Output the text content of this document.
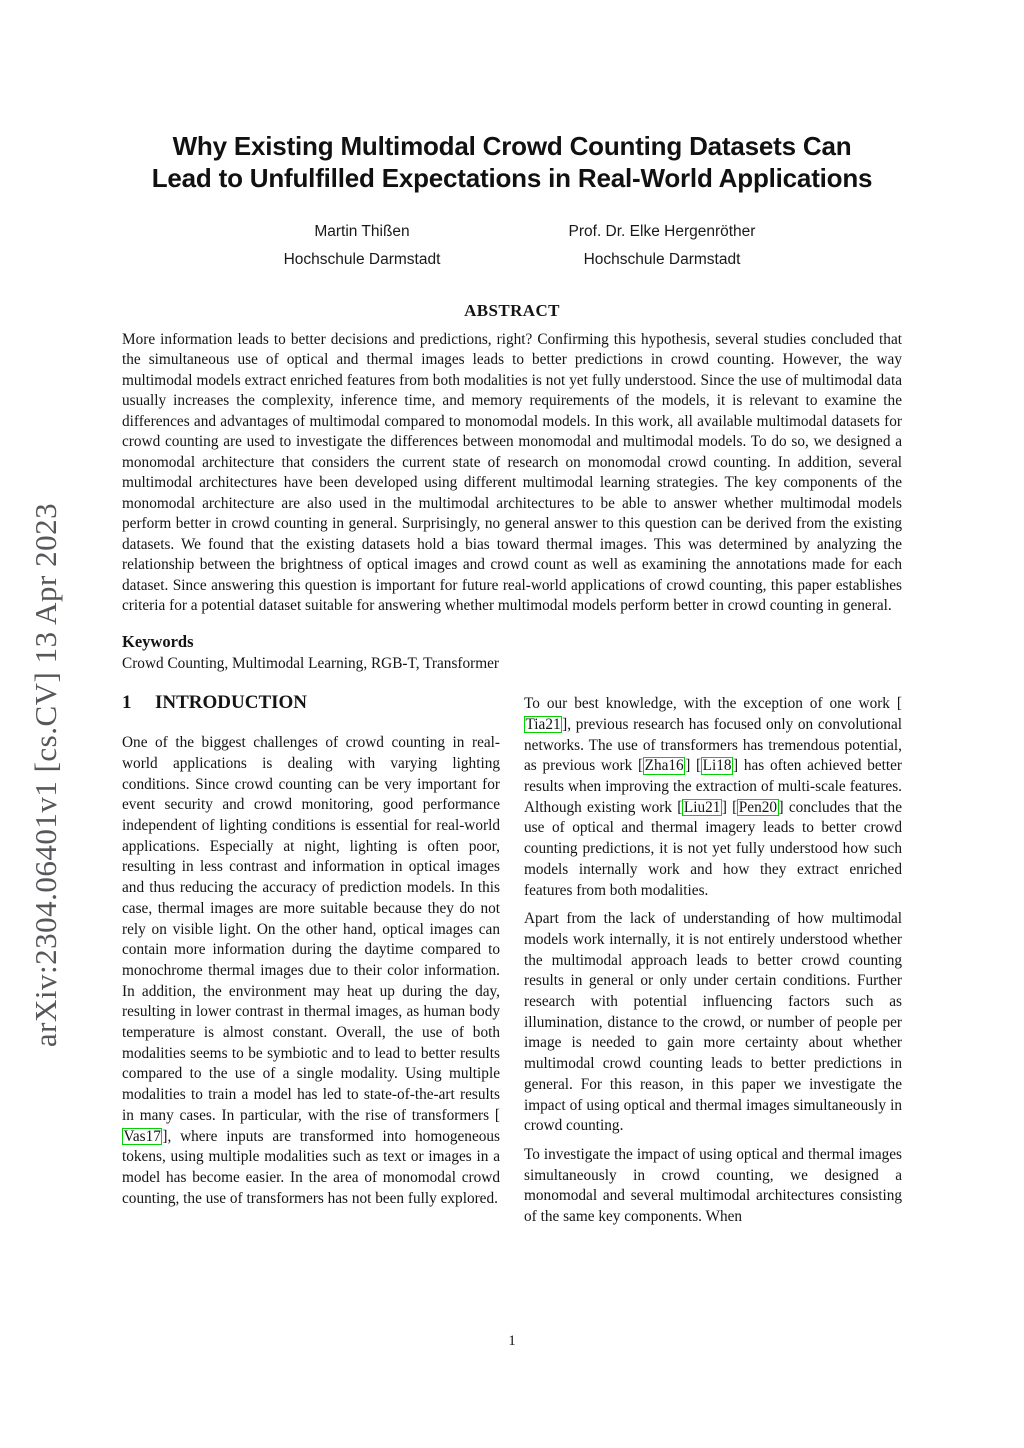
arXiv:2304.06401v1 [cs.CV] 13 Apr 2023
Why Existing Multimodal Crowd Counting Datasets Can
Lead to Unfulfilled Expectations in Real-World Applications
Martin Thißen
Hochschule Darmstadt
Prof. Dr. Elke Hergenröther
Hochschule Darmstadt
ABSTRACT

More information leads to better decisions and predictions, right? Confirming this hypothesis, several studies concluded that the simultaneous use of optical and thermal images leads to better predictions in crowd counting. However, the way multimodal models extract enriched features from both modalities is not yet fully understood. Since the use of multimodal data usually increases the complexity, inference time, and memory requirements of the models, it is relevant to examine the differences and advantages of multimodal compared to monomodal models. In this work, all available multimodal datasets for crowd counting are used to investigate the differences between monomodal and multimodal models. To do so, we designed a monomodal architecture that considers the current state of research on monomodal crowd counting. In addition, several multimodal architectures have been developed using different multimodal learning strategies. The key components of the monomodal architecture are also used in the multimodal architectures to be able to answer whether multimodal models perform better in crowd counting in general. Surprisingly, no general answer to this question can be derived from the existing datasets. We found that the existing datasets hold a bias toward thermal images. This was determined by analyzing the relationship between the brightness of optical images and crowd count as well as examining the annotations made for each dataset. Since answering this question is important for future real-world applications of crowd counting, this paper establishes criteria for a potential dataset suitable for answering whether multimodal models perform better in crowd counting in general.

Keywords

Crowd Counting, Multimodal Learning, RGB-T, Transformer

1 INTRODUCTION

One of the biggest challenges of crowd counting in real-world applications is dealing with varying lighting conditions. Since crowd counting can be very important for event security and crowd monitoring, good performance independent of lighting conditions is essential for real-world applications. Especially at night, lighting is often poor, resulting in less contrast and information in optical images and thus reducing the accuracy of prediction models. In this case, thermal images are more suitable because they do not rely on visible light. On the other hand, optical images can contain more information during the daytime compared to monochrome thermal images due to their color information. In addition, the environment may heat up during the day, resulting in lower contrast in thermal images, as human body temperature is almost constant. Overall, the use of both modalities seems to be symbiotic and to lead to better results compared to the use of a single modality. Using multiple modalities to train a model has led to state-of-the-art results in many cases. In particular, with the rise of transformers [Vas17], where inputs are transformed into homogeneous tokens, using multiple modalities such as text or images in a model has become easier. In the area of monomodal crowd counting, the use of transformers has not been fully explored.

To our best knowledge, with the exception of one work [Tia21], previous research has focused only on convolutional networks. The use of transformers has tremendous potential, as previous work [Zha16] [Li18] has often achieved better results when improving the extraction of multi-scale features. Although existing work [Liu21] [Pen20] concludes that the use of optical and thermal imagery leads to better crowd counting predictions, it is not yet fully understood how such models internally work and how they extract enriched features from both modalities.

Apart from the lack of understanding of how multimodal models work internally, it is not entirely understood whether the multimodal approach leads to better crowd counting results in general or only under certain conditions. Further research with potential influencing factors such as illumination, distance to the crowd, or number of people per image is needed to gain more certainty about whether multimodal crowd counting leads to better predictions in general. For this reason, in this paper we investigate the impact of using optical and thermal images simultaneously in crowd counting.

To investigate the impact of using optical and thermal images simultaneously in crowd counting, we designed a monomodal and several multimodal architectures consisting of the same key components. When

1
